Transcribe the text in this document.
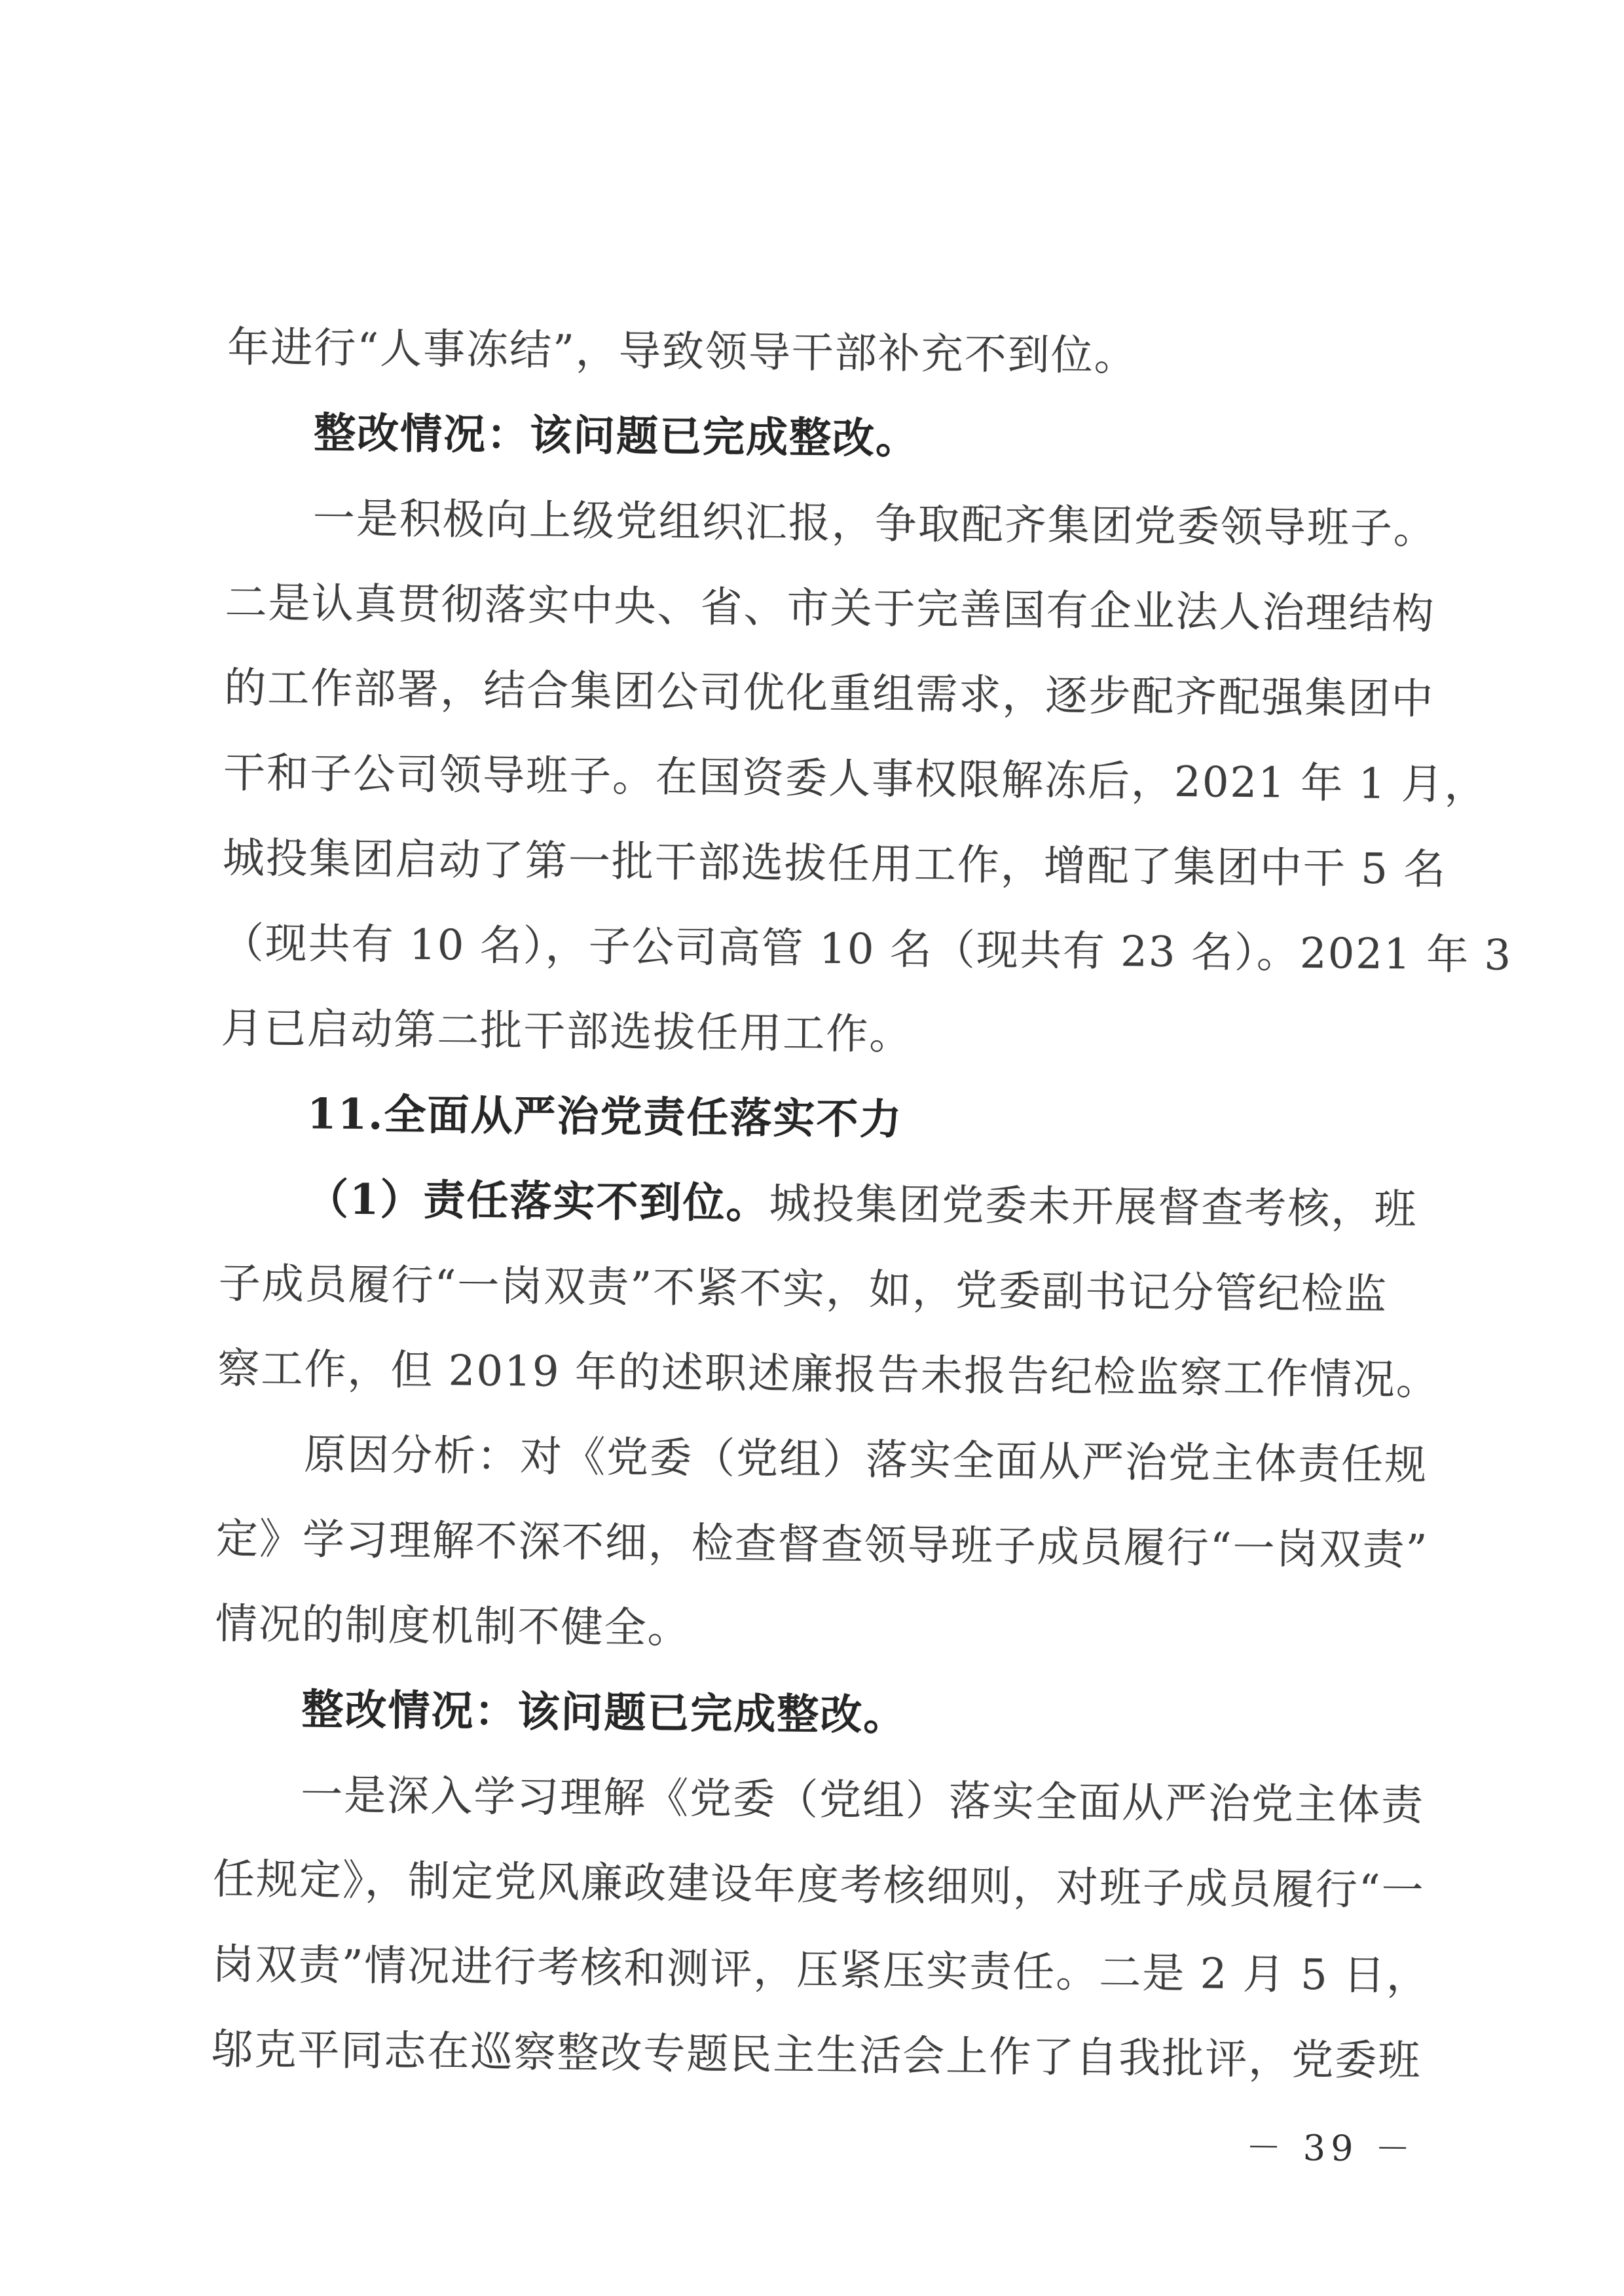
年进行“人事冻结”，导致领导干部补充不到位。
整改情况：该问题已完成整改。
一是积极向上级党组织汇报，争取配齐集团党委领导班子。
二是认真贯彻落实中央、省、市关于完善国有企业法人治理结构
的工作部署，结合集团公司优化重组需求，逐步配齐配强集团中
干和子公司领导班子。在国资委人事权限解冻后，2021 年 1 月，
城投集团启动了第一批干部选拔任用工作，增配了集团中干 5 名
（现共有 10 名），子公司高管 10 名（现共有 23 名）。2021 年 3
月已启动第二批干部选拔任用工作。
11.全面从严治党责任落实不力
（1）责任落实不到位。城投集团党委未开展督查考核，班
子成员履行“一岗双责”不紧不实，如，党委副书记分管纪检监
察工作，但 2019 年的述职述廉报告未报告纪检监察工作情况。
原因分析：对《党委（党组）落实全面从严治党主体责任规
定》学习理解不深不细，检查督查领导班子成员履行“一岗双责”
情况的制度机制不健全。
整改情况：该问题已完成整改。
一是深入学习理解《党委（党组）落实全面从严治党主体责
任规定》，制定党风廉政建设年度考核细则，对班子成员履行“一
岗双责”情况进行考核和测评，压紧压实责任。二是 2 月 5 日，
邬克平同志在巡察整改专题民主生活会上作了自我批评，党委班
－ 39 －
